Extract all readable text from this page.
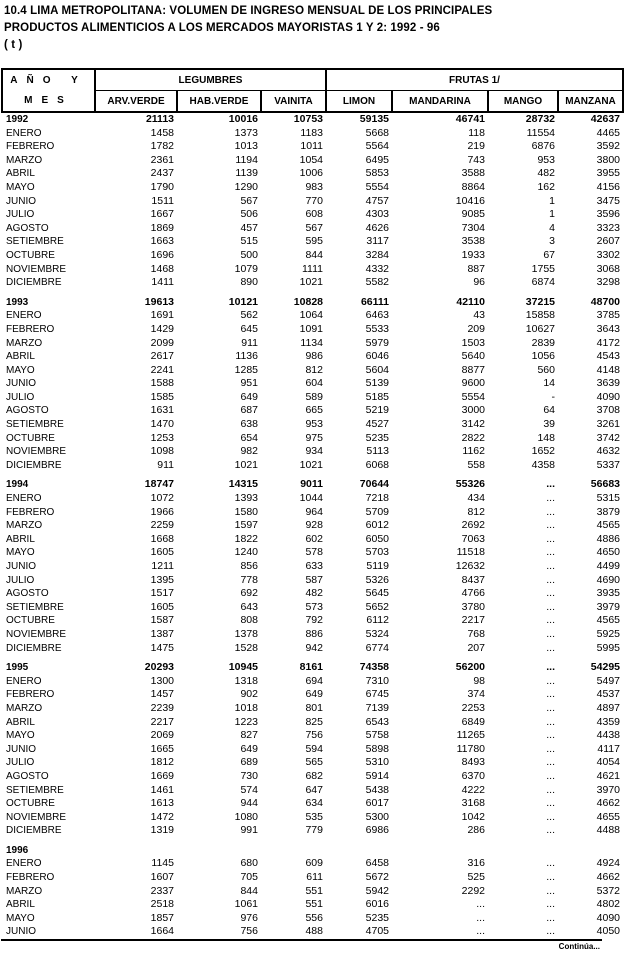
10.4 LIMA METROPOLITANA: VOLUMEN DE INGRESO MENSUAL DE LOS PRINCIPALES
PRODUCTOS ALIMENTICIOS A LOS MERCADOS MAYORISTAS 1 Y 2: 1992 - 96
( t )
AÑO Y	LEGUMBRES			FRUTAS 1/			
MES	ARV.VERDE	HAB.VERDE	VAINITA	LIMON	MANDARINA	MANGO	MANZANA
1992	21113	10016	10753	59135	46741	28732	42637
ENERO	1458	1373	1183	5668	118	11554	4465
FEBRERO	1782	1013	1011	5564	219	6876	3592
MARZO	2361	1194	1054	6495	743	953	3800
ABRIL	2437	1139	1006	5853	3588	482	3955
MAYO	1790	1290	983	5554	8864	162	4156
JUNIO	1511	567	770	4757	10416	1	3475
JULIO	1667	506	608	4303	9085	1	3596
AGOSTO	1869	457	567	4626	7304	4	3323
SETIEMBRE	1663	515	595	3117	3538	3	2607
OCTUBRE	1696	500	844	3284	1933	67	3302
NOVIEMBRE	1468	1079	1111	4332	887	1755	3068
DICIEMBRE	1411	890	1021	5582	96	6874	3298

1993	19613	10121	10828	66111	42110	37215	48700
ENERO	1691	562	1064	6463	43	15858	3785
FEBRERO	1429	645	1091	5533	209	10627	3643
MARZO	2099	911	1134	5979	1503	2839	4172
ABRIL	2617	1136	986	6046	5640	1056	4543
MAYO	2241	1285	812	5604	8877	560	4148
JUNIO	1588	951	604	5139	9600	14	3639
JULIO	1585	649	589	5185	5554	-	4090
AGOSTO	1631	687	665	5219	3000	64	3708
SETIEMBRE	1470	638	953	4527	3142	39	3261
OCTUBRE	1253	654	975	5235	2822	148	3742
NOVIEMBRE	1098	982	934	5113	1162	1652	4632
DICIEMBRE	911	1021	1021	6068	558	4358	5337

1994	18747	14315	9011	70644	55326	...	56683
ENERO	1072	1393	1044	7218	434	...	5315
FEBRERO	1966	1580	964	5709	812	...	3879
MARZO	2259	1597	928	6012	2692	...	4565
ABRIL	1668	1822	602	6050	7063	...	4886
MAYO	1605	1240	578	5703	11518	...	4650
JUNIO	1211	856	633	5119	12632	...	4499
JULIO	1395	778	587	5326	8437	...	4690
AGOSTO	1517	692	482	5645	4766	...	3935
SETIEMBRE	1605	643	573	5652	3780	...	3979
OCTUBRE	1587	808	792	6112	2217	...	4565
NOVIEMBRE	1387	1378	886	5324	768	...	5925
DICIEMBRE	1475	1528	942	6774	207	...	5995

1995	20293	10945	8161	74358	56200	...	54295
ENERO	1300	1318	694	7310	98	...	5497
FEBRERO	1457	902	649	6745	374	...	4537
MARZO	2239	1018	801	7139	2253	...	4897
ABRIL	2217	1223	825	6543	6849	...	4359
MAYO	2069	827	756	5758	11265	...	4438
JUNIO	1665	649	594	5898	11780	...	4117
JULIO	1812	689	565	5310	8493	...	4054
AGOSTO	1669	730	682	5914	6370	...	4621
SETIEMBRE	1461	574	647	5438	4222	...	3970
OCTUBRE	1613	944	634	6017	3168	...	4662
NOVIEMBRE	1472	1080	535	5300	1042	...	4655
DICIEMBRE	1319	991	779	6986	286	...	4488

1996							
ENERO	1145	680	609	6458	316	...	4924
FEBRERO	1607	705	611	5672	525	...	4662
MARZO	2337	844	551	5942	2292	...	5372
ABRIL	2518	1061	551	6016	...	...	4802
MAYO	1857	976	556	5235	...	...	4090
JUNIO	1664	756	488	4705	...	...	4050
Continúa...
